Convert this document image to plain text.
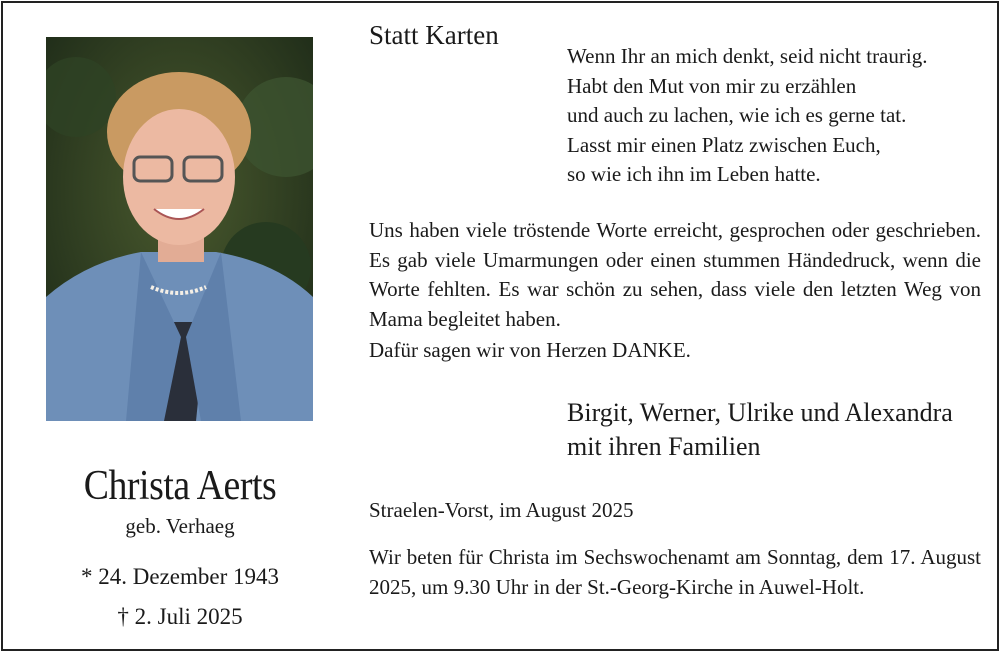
Christa Aerts
geb. Verhaeg
* 24. Dezember 1943
† 2. Juli 2025
Statt Karten
Wenn Ihr an mich denkt, seid nicht traurig.
Habt den Mut von mir zu erzählen
und auch zu lachen, wie ich es gerne tat.
Lasst mir einen Platz zwischen Euch,
so wie ich ihn im Leben hatte.
Uns haben viele tröstende Worte erreicht, gesprochen oder geschrieben. Es gab viele Umarmungen oder einen stummen Händedruck, wenn die Worte fehlten. Es war schön zu sehen, dass viele den letzten Weg von Mama begleitet haben.
Dafür sagen wir von Herzen DANKE.
Birgit, Werner, Ulrike und Alexandra
mit ihren Familien
Straelen-Vorst, im August 2025
Wir beten für Christa im Sechswochenamt am Sonntag, dem 17. August 2025, um 9.30 Uhr in der St.-Georg-Kirche in Auwel-Holt.
